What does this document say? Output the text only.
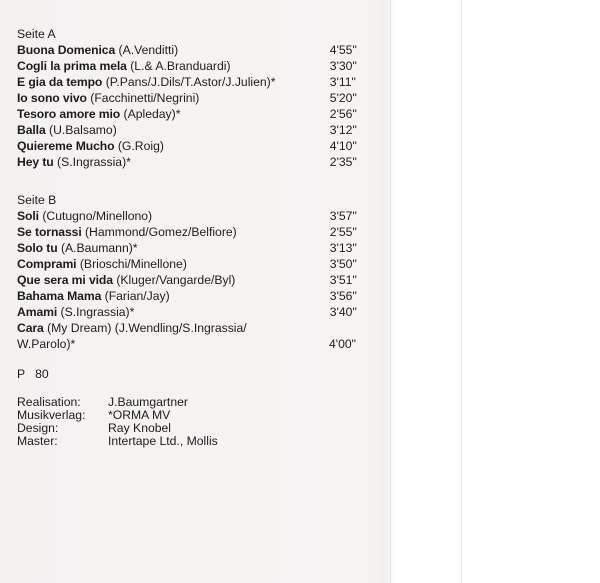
Seite A
Buona Domenica (A.Venditti)	4'55"
Cogli la prima mela (L.& A.Branduardi)	3'30"
E gia da tempo (P.Pans/J.Dils/T.Astor/J.Julien)*	3'11"
Io sono vivo (Facchinetti/Negrini)	5'20"
Tesoro amore mio (Apleday)*	2'56"
Balla (U.Balsamo)	3'12"
Quiereme Mucho (G.Roig)	4'10"
Hey tu (S.Ingrassia)*	2'35"
Seite B
Soli (Cutugno/Minellono)	3'57"
Se tornassi (Hammond/Gomez/Belfiore)	2'55"
Solo tu (A.Baumann)*	3'13"
Comprami (Brioschi/Minellone)	3'50"
Que sera mi vida (Kluger/Vangarde/Byl)	3'51"
Bahama Mama (Farian/Jay)	3'56"
Amami (S.Ingrassia)*	3'40"
Cara (My Dream) (J.Wendling/S.Ingrassia/ W.Parolo)*	4'00"
P   80
Realisation:	J.Baumgartner
Musikverlag:	*ORMA MV
Design:	Ray Knobel
Master:	Intertape Ltd., Mollis
